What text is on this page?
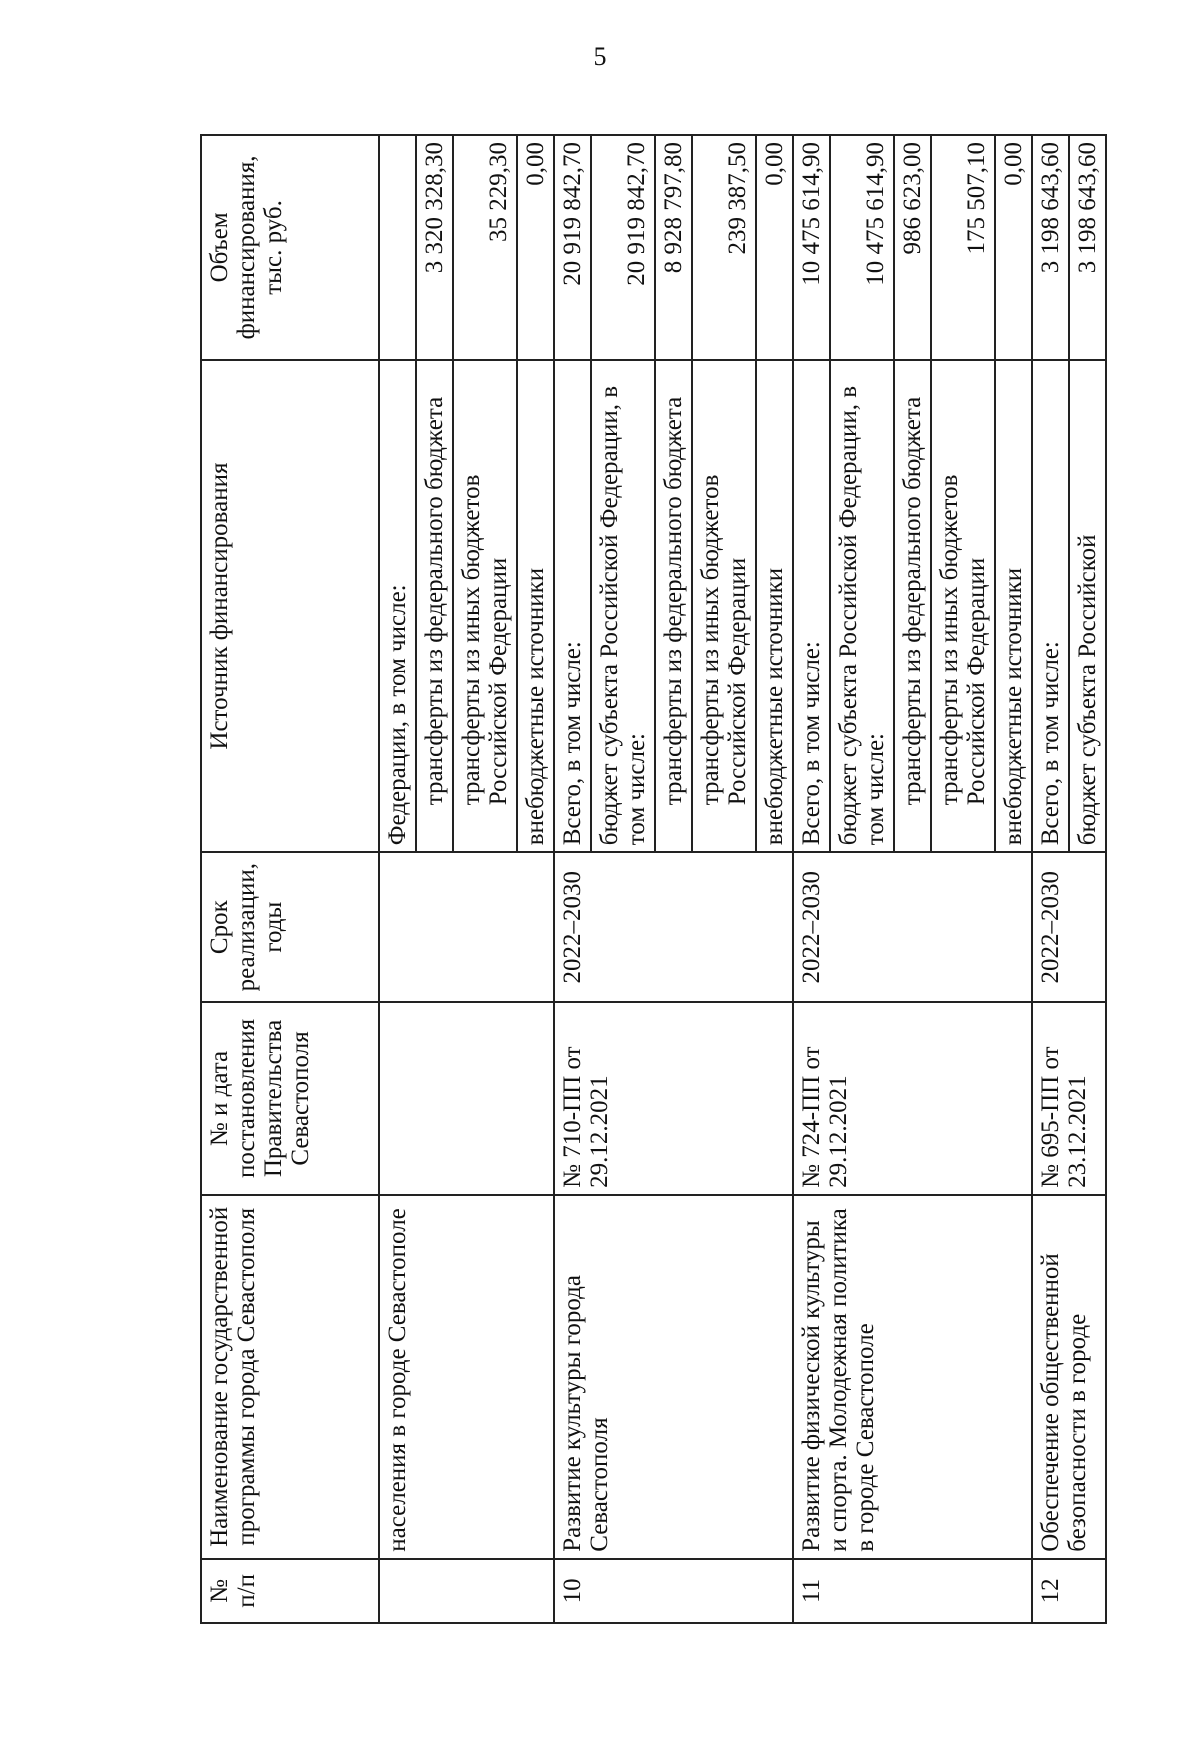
5
№ п/п	Наименование государственной программы города Севастополя	№ и дата постановления Правительства Севастополя	Срок реализации, годы	Источник финансирования	Объем финансирования, тыс. руб.
	населения в городе Севастополе			Федерации, в том числе:	
				трансферты из федерального бюджета	3 320 328,30
				трансферты из иных бюджетов Российской Федерации	35 229,30
				внебюджетные источники	0,00
10	Развитие культуры города Севастополя	№ 710-ПП от 29.12.2021	2022–2030	Всего, в том числе:	20 919 842,70
				бюджет субъекта Российской Федерации, в том числе:	20 919 842,70
				трансферты из федерального бюджета	8 928 797,80
				трансферты из иных бюджетов Российской Федерации	239 387,50
				внебюджетные источники	0,00
11	Развитие физической культуры и спорта. Молодежная политика в городе Севастополе	№ 724-ПП от 29.12.2021	2022–2030	Всего, в том числе:	10 475 614,90
				бюджет субъекта Российской Федерации, в том числе:	10 475 614,90
				трансферты из федерального бюджета	986 623,00
				трансферты из иных бюджетов Российской Федерации	175 507,10
				внебюджетные источники	0,00
12	Обеспечение общественной безопасности в городе	№ 695-ПП от 23.12.2021	2022–2030	Всего, в том числе:	3 198 643,60
				бюджет субъекта Российской	3 198 643,60
